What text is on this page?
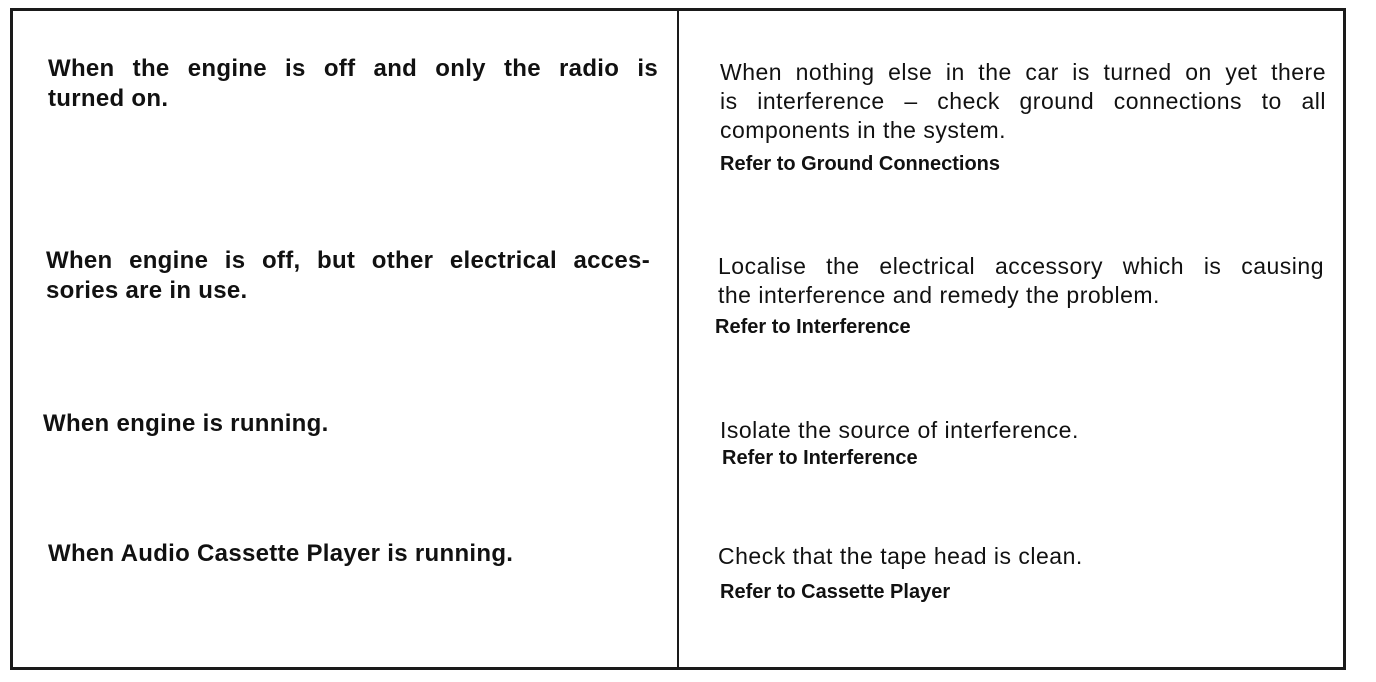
When the engine is off and only the radio is
turned on.
When nothing else in the car is turned on yet there
is interference – check ground connections to all
components in the system.
Refer to Ground Connections
When engine is off, but other electrical acces-
sories are in use.
Localise the electrical accessory which is causing
the interference and remedy the problem.
Refer to Interference
When engine is running.	Isolate the source of interference.
Refer to Interference
When Audio Cassette Player is running.	Check that the tape head is clean.
Refer to Cassette Player
